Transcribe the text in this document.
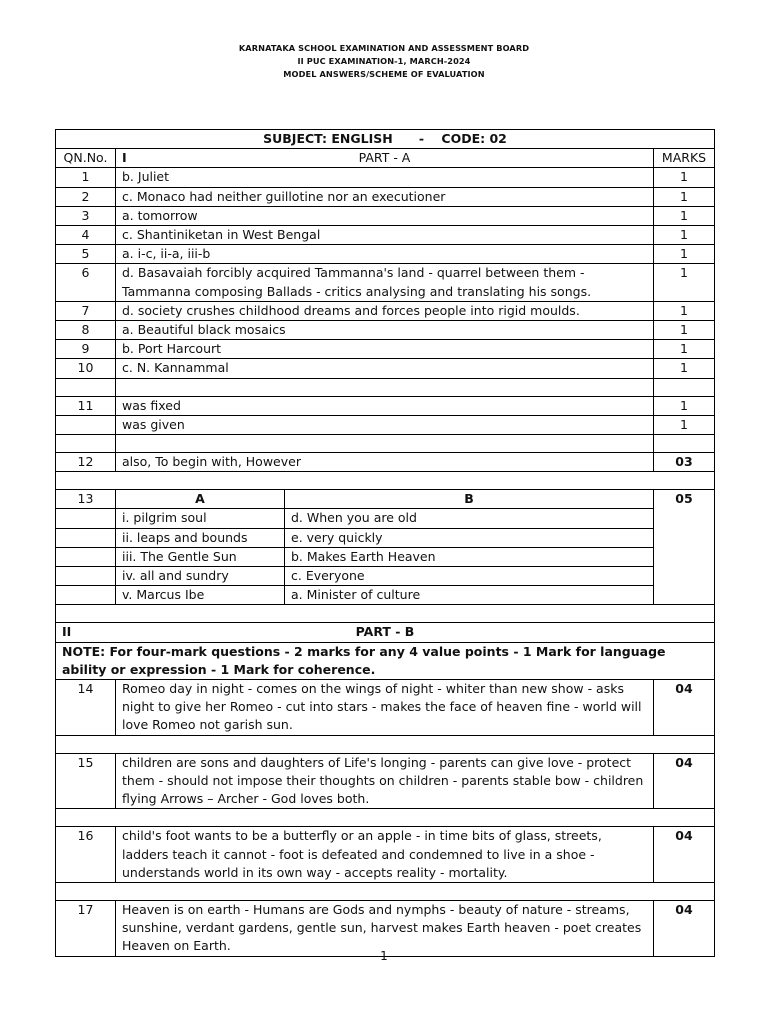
KARNATAKA SCHOOL EXAMINATION AND ASSESSMENT BOARD
II PUC EXAMINATION-1, MARCH-2024
MODEL ANSWERS/SCHEME OF EVALUATION
SUBJECT: ENGLISH      -    CODE: 02			
QN.No.	I PART - A		MARKS
1	b. Juliet		1
2	c. Monaco had neither guillotine nor an executioner		1
3	a. tomorrow		1
4	c. Shantiniketan in West Bengal		1
5	a. i-c, ii-a, iii-b		1
6	d. Basavaiah forcibly acquired Tammanna's land - quarrel between them - Tammanna composing Ballads - critics analysing and translating his songs.		1
7	d. society crushes childhood dreams and forces people into rigid moulds.		1
8	a. Beautiful black mosaics		1
9	b. Port Harcourt		1
10	c. N. Kannammal		1

11	was fixed		1
	was given		1

12	also, To begin with, However		03

13	A	B	05
	i. pilgrim soul	d. When you are old	
	ii. leaps and bounds	e. very quickly	
	iii. The Gentle Sun	b. Makes Earth Heaven	
	iv. all and sundry	c. Everyone	
	v. Marcus Ibe	a. Minister of culture	

II PART - B			

NOTE: For four-mark questions - 2 marks for any 4 value points - 1 Mark for language ability or expression - 1 Mark for coherence.			
14	Romeo day in night - comes on the wings of night - whiter than new show - asks night to give her Romeo - cut into stars - makes the face of heaven fine - world will love Romeo not garish sun.		04

15	children are sons and daughters of Life's longing - parents can give love - protect them - should not impose their thoughts on children - parents stable bow - children flying Arrows – Archer - God loves both.		04

16	child's foot wants to be a butterfly or an apple - in time bits of glass, streets, ladders teach it cannot - foot is defeated and condemned to live in a shoe - understands world in its own way - accepts reality - mortality.		04

17	Heaven is on earth - Humans are Gods and nymphs - beauty of nature - streams, sunshine, verdant gardens, gentle sun, harvest makes Earth heaven - poet creates Heaven on Earth.		04
1
